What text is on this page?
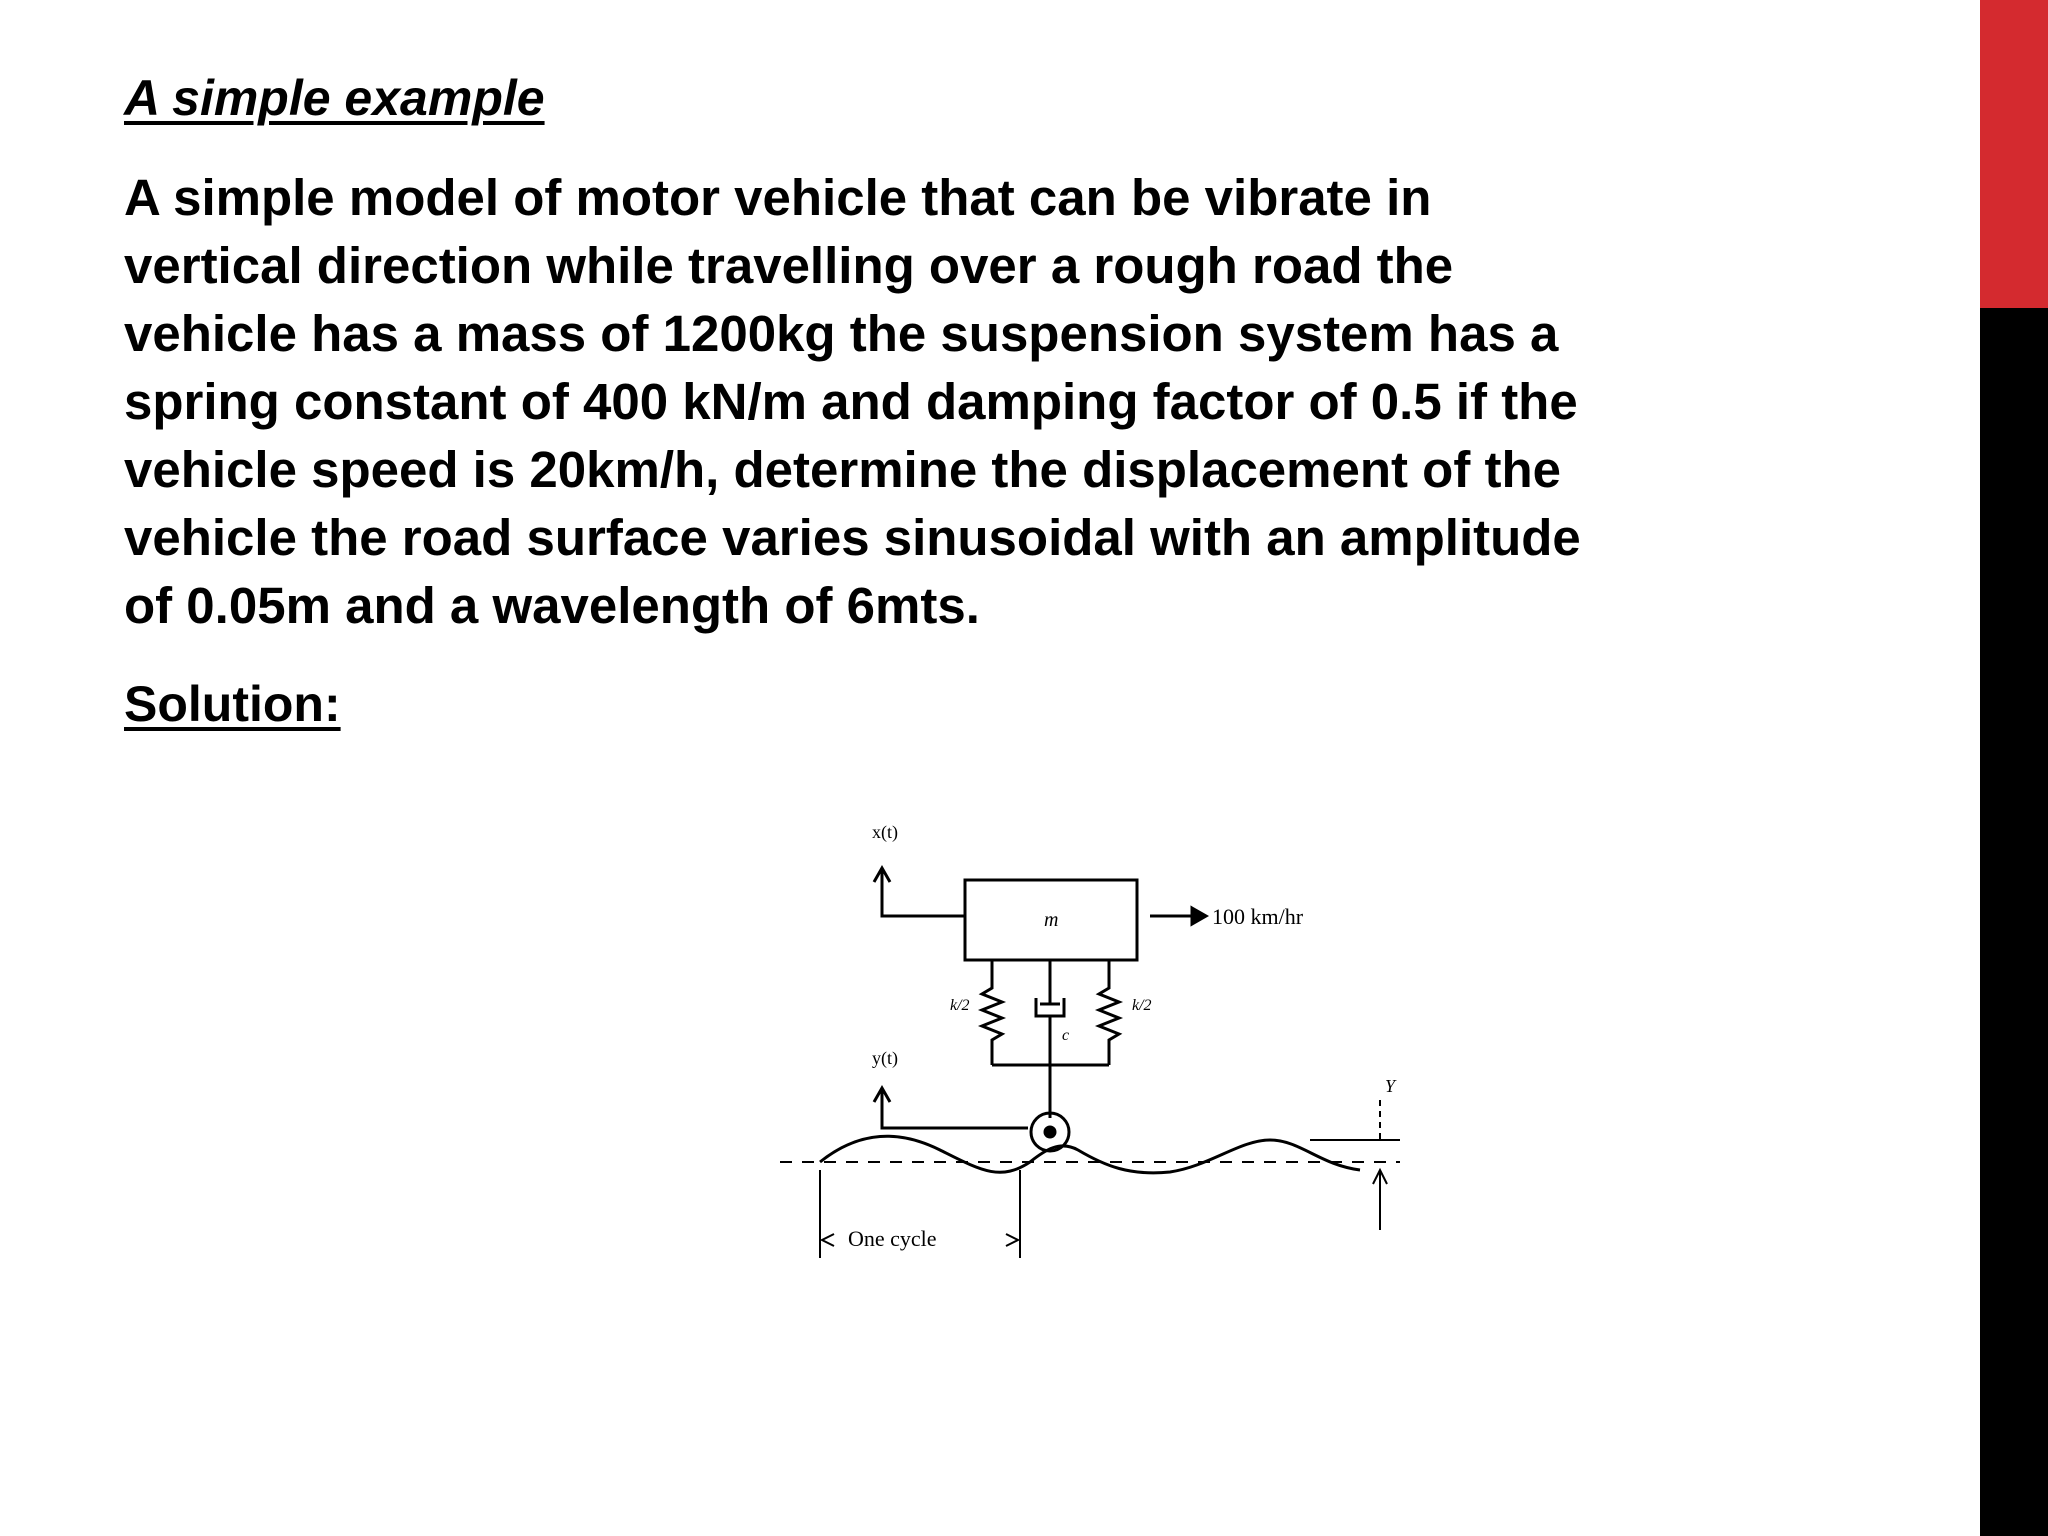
A simple example
A simple model of motor vehicle that can be vibrate in
vertical direction while travelling over a rough road the
vehicle has a mass of 1200kg the suspension system has a
spring constant of 400 kN/m and damping factor of 0.5 if the
vehicle speed is 20km/h, determine the displacement of the
vehicle the road surface varies sinusoidal with an amplitude
of 0.05m and a wavelength of 6mts.
Solution:
x(t)
m	100 km/hr
k/2	k/2
c
y(t)
Y
One cycle
